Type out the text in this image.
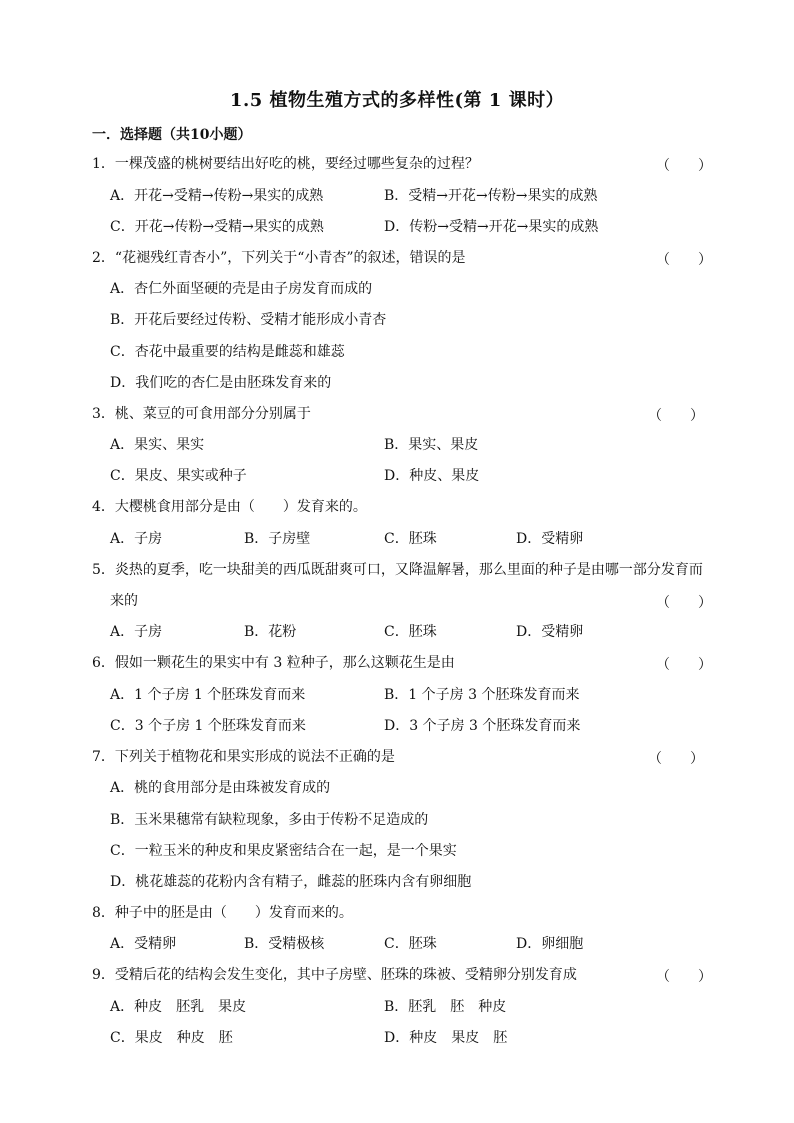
1.5 植物生殖方式的多样性(第 1 课时）
一．选择题（共10小题）
1．一棵茂盛的桃树要结出好吃的桃，要经过哪些复杂的过程？	（　　）
A．开花→受精→传粉→果实的成熟	B．受精→开花→传粉→果实的成熟
C．开花→传粉→受精→果实的成熟	D．传粉→受精→开花→果实的成熟
2．“花褪残红青杏小”，下列关于“小青杏”的叙述，错误的是	（　　）
A．杏仁外面坚硬的壳是由子房发育而成的
B．开花后要经过传粉、受精才能形成小青杏
C．杏花中最重要的结构是雌蕊和雄蕊
D．我们吃的杏仁是由胚珠发育来的
3．桃、菜豆的可食用部分分别属于	（　　）
A．果实、果实	B．果实、果皮
C．果皮、果实或种子	D．种皮、果皮
4．大樱桃食用部分是由（　　）发育来的。
A．子房	B．子房壁	C．胚珠	D．受精卵
5．炎热的夏季，吃一块甜美的西瓜既甜爽可口，又降温解暑，那么里面的种子是由哪一部分发育而
来的	（　　）
A．子房	B．花粉	C．胚珠	D．受精卵
6．假如一颗花生的果实中有 3 粒种子，那么这颗花生是由	（　　）
A．1 个子房 1 个胚珠发育而来	B．1 个子房 3 个胚珠发育而来
C．3 个子房 1 个胚珠发育而来	D．3 个子房 3 个胚珠发育而来
7．下列关于植物花和果实形成的说法不正确的是	（　　）
A．桃的食用部分是由珠被发育成的
B．玉米果穗常有缺粒现象，多由于传粉不足造成的
C．一粒玉米的种皮和果皮紧密结合在一起，是一个果实
D．桃花雄蕊的花粉内含有精子，雌蕊的胚珠内含有卵细胞
8．种子中的胚是由（　　）发育而来的。
A．受精卵	B．受精极核	C．胚珠	D．卵细胞
9．受精后花的结构会发生变化，其中子房壁、胚珠的珠被、受精卵分别发育成	（　　）
A．种皮　胚乳　果皮	B．胚乳　胚　种皮
C．果皮　种皮　胚	D．种皮　果皮　胚
